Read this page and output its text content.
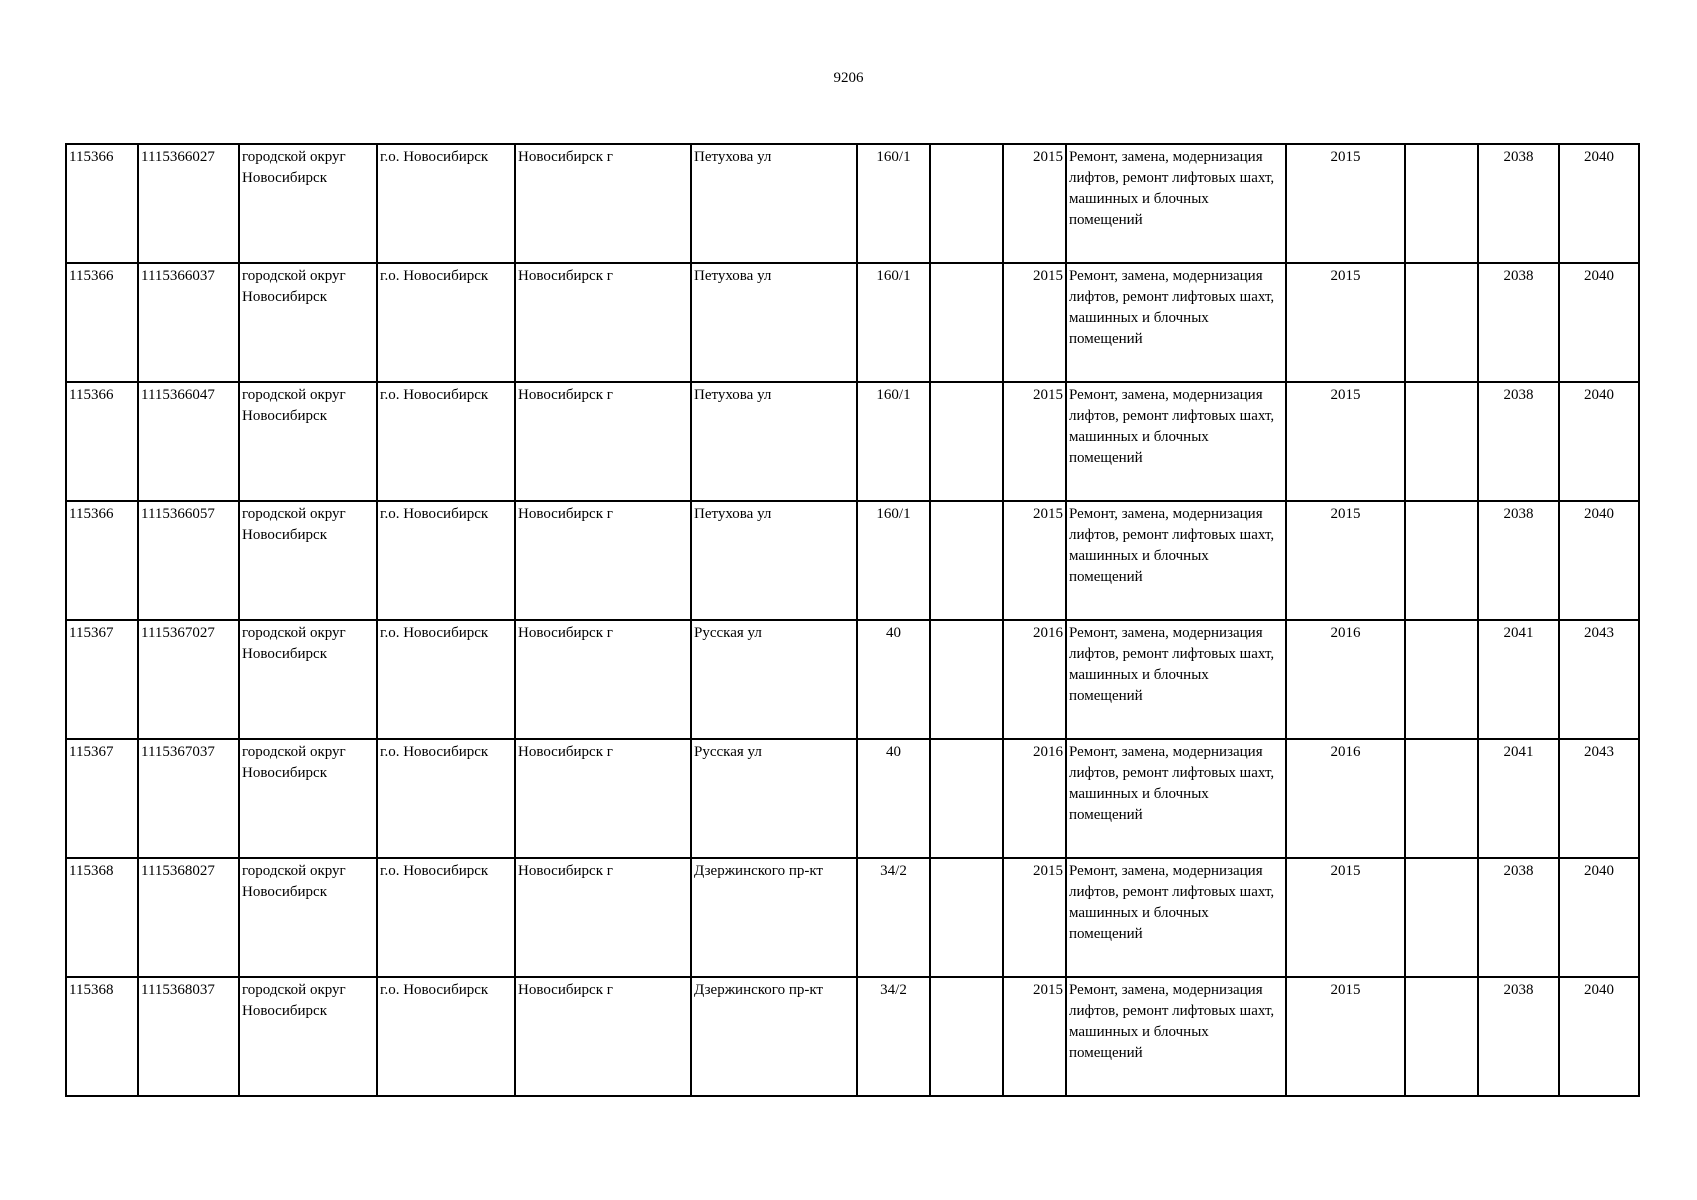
9206
115366	1115366027	городской округ Новосибирск	г.о. Новосибирск	Новосибирск г	Петухова ул	160/1		2015	Ремонт, замена, модернизация лифтов, ремонт лифтовых шахт, машинных и блочных помещений	2015		2038	2040
115366	1115366037	городской округ Новосибирск	г.о. Новосибирск	Новосибирск г	Петухова ул	160/1		2015	Ремонт, замена, модернизация лифтов, ремонт лифтовых шахт, машинных и блочных помещений	2015		2038	2040
115366	1115366047	городской округ Новосибирск	г.о. Новосибирск	Новосибирск г	Петухова ул	160/1		2015	Ремонт, замена, модернизация лифтов, ремонт лифтовых шахт, машинных и блочных помещений	2015		2038	2040
115366	1115366057	городской округ Новосибирск	г.о. Новосибирск	Новосибирск г	Петухова ул	160/1		2015	Ремонт, замена, модернизация лифтов, ремонт лифтовых шахт, машинных и блочных помещений	2015		2038	2040
115367	1115367027	городской округ Новосибирск	г.о. Новосибирск	Новосибирск г	Русская ул	40		2016	Ремонт, замена, модернизация лифтов, ремонт лифтовых шахт, машинных и блочных помещений	2016		2041	2043
115367	1115367037	городской округ Новосибирск	г.о. Новосибирск	Новосибирск г	Русская ул	40		2016	Ремонт, замена, модернизация лифтов, ремонт лифтовых шахт, машинных и блочных помещений	2016		2041	2043
115368	1115368027	городской округ Новосибирск	г.о. Новосибирск	Новосибирск г	Дзержинского пр-кт	34/2		2015	Ремонт, замена, модернизация лифтов, ремонт лифтовых шахт, машинных и блочных помещений	2015		2038	2040
115368	1115368037	городской округ Новосибирск	г.о. Новосибирск	Новосибирск г	Дзержинского пр-кт	34/2		2015	Ремонт, замена, модернизация лифтов, ремонт лифтовых шахт, машинных и блочных помещений	2015		2038	2040
